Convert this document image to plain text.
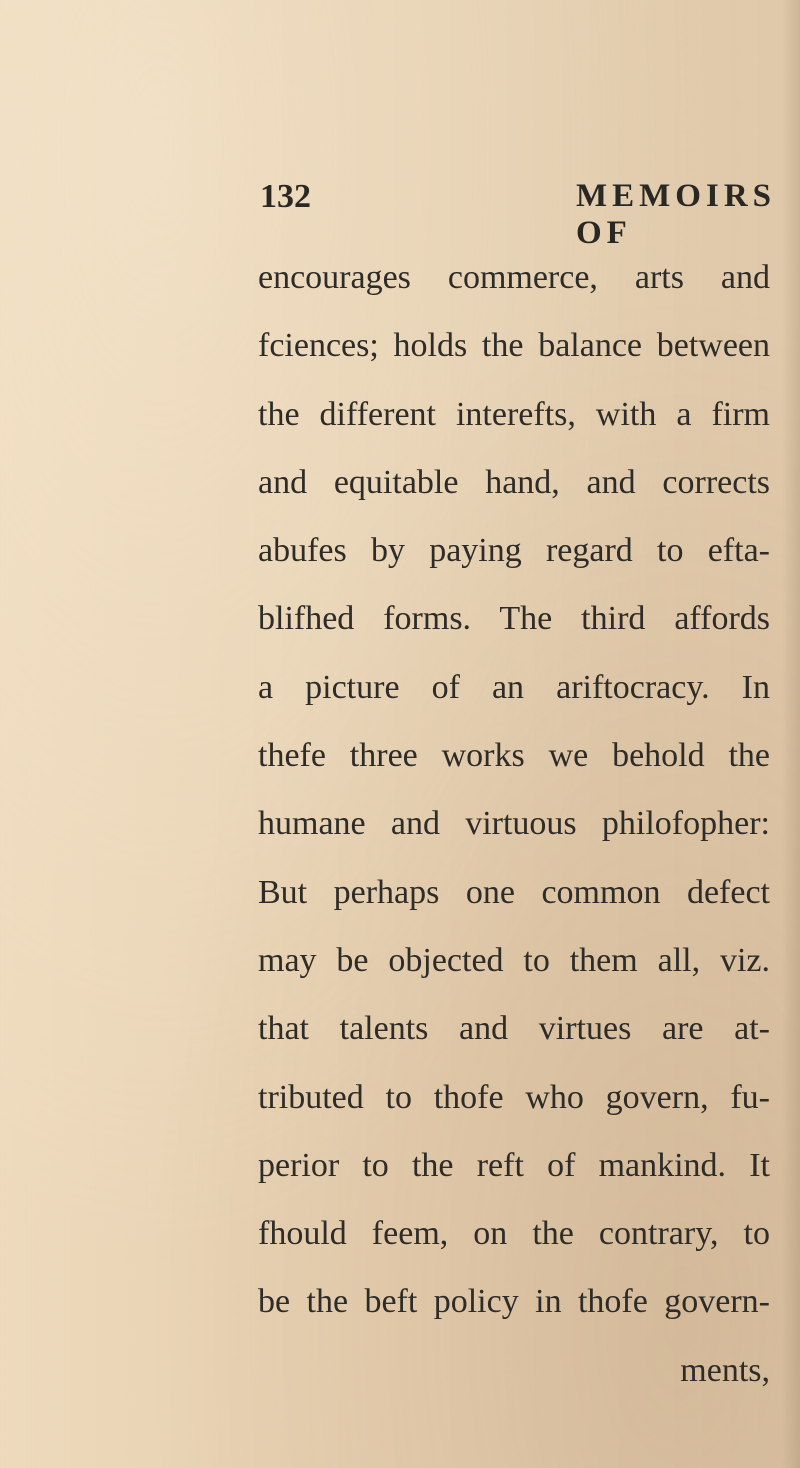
132	MEMOIRS OF
encourages commerce, arts and
fciences; holds the balance between
the different interefts, with a firm
and equitable hand, and corrects
abufes by paying regard to efta-
blifhed forms. The third affords
a picture of an ariftocracy. In
thefe three works we behold the
humane and virtuous philofopher:
But perhaps one common defect
may be objected to them all, viz.
that talents and virtues are at-
tributed to thofe who govern, fu-
perior to the reft of mankind. It
fhould feem, on the contrary, to
be the beft policy in thofe govern-
ments,
